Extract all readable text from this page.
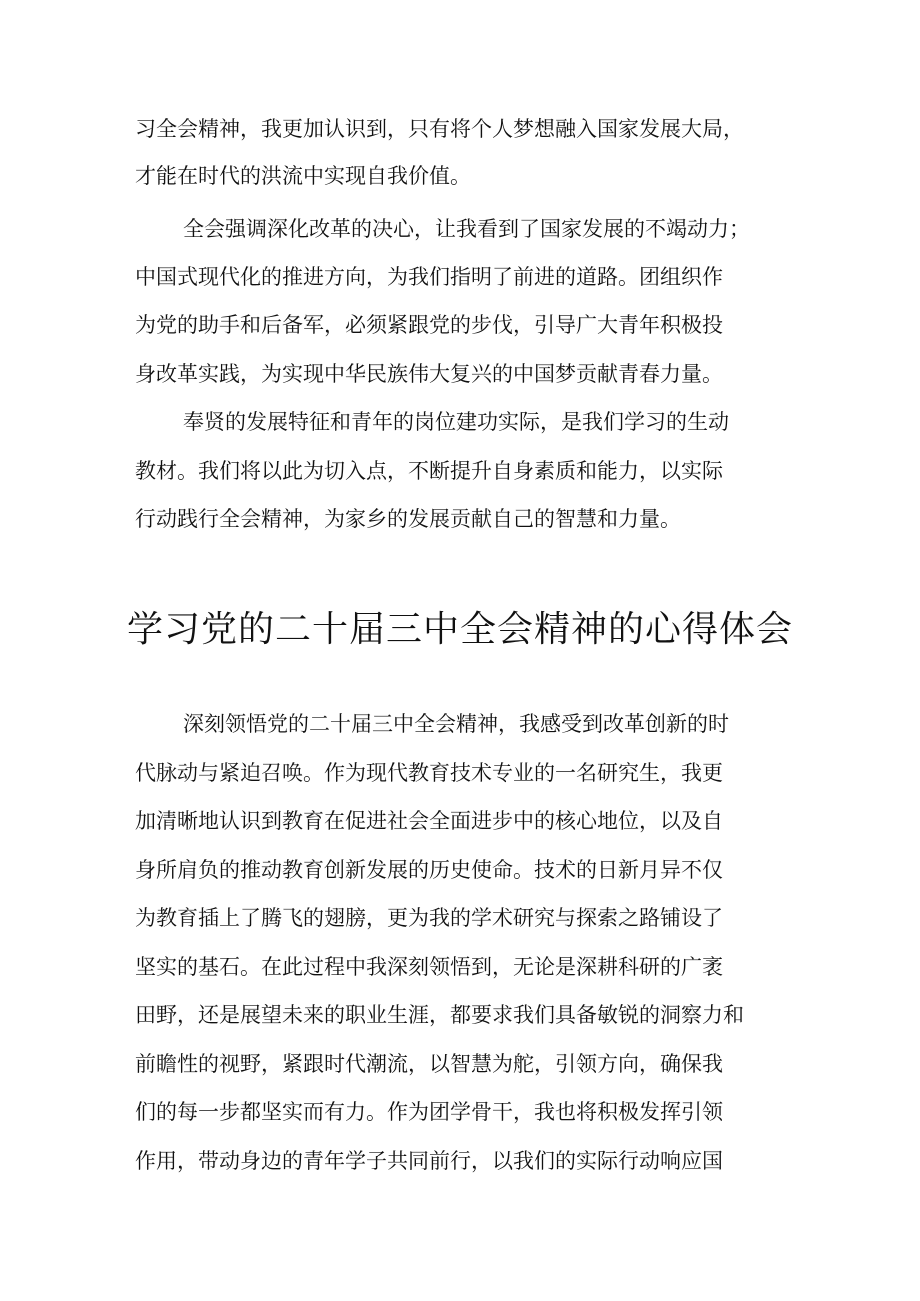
习全会精神，我更加认识到，只有将个人梦想融入国家发展大局，
才能在时代的洪流中实现自我价值。
全会强调深化改革的决心，让我看到了国家发展的不竭动力；
中国式现代化的推进方向，为我们指明了前进的道路。团组织作
为党的助手和后备军，必须紧跟党的步伐，引导广大青年积极投
身改革实践，为实现中华民族伟大复兴的中国梦贡献青春力量。
奉贤的发展特征和青年的岗位建功实际，是我们学习的生动
教材。我们将以此为切入点，不断提升自身素质和能力，以实际
行动践行全会精神，为家乡的发展贡献自己的智慧和力量。
学习党的二十届三中全会精神的心得体会
深刻领悟党的二十届三中全会精神，我感受到改革创新的时
代脉动与紧迫召唤。作为现代教育技术专业的一名研究生，我更
加清晰地认识到教育在促进社会全面进步中的核心地位，以及自
身所肩负的推动教育创新发展的历史使命。技术的日新月异不仅
为教育插上了腾飞的翅膀，更为我的学术研究与探索之路铺设了
坚实的基石。在此过程中我深刻领悟到，无论是深耕科研的广袤
田野，还是展望未来的职业生涯，都要求我们具备敏锐的洞察力和
前瞻性的视野，紧跟时代潮流，以智慧为舵，引领方向，确保我
们的每一步都坚实而有力。作为团学骨干，我也将积极发挥引领
作用，带动身边的青年学子共同前行，以我们的实际行动响应国
